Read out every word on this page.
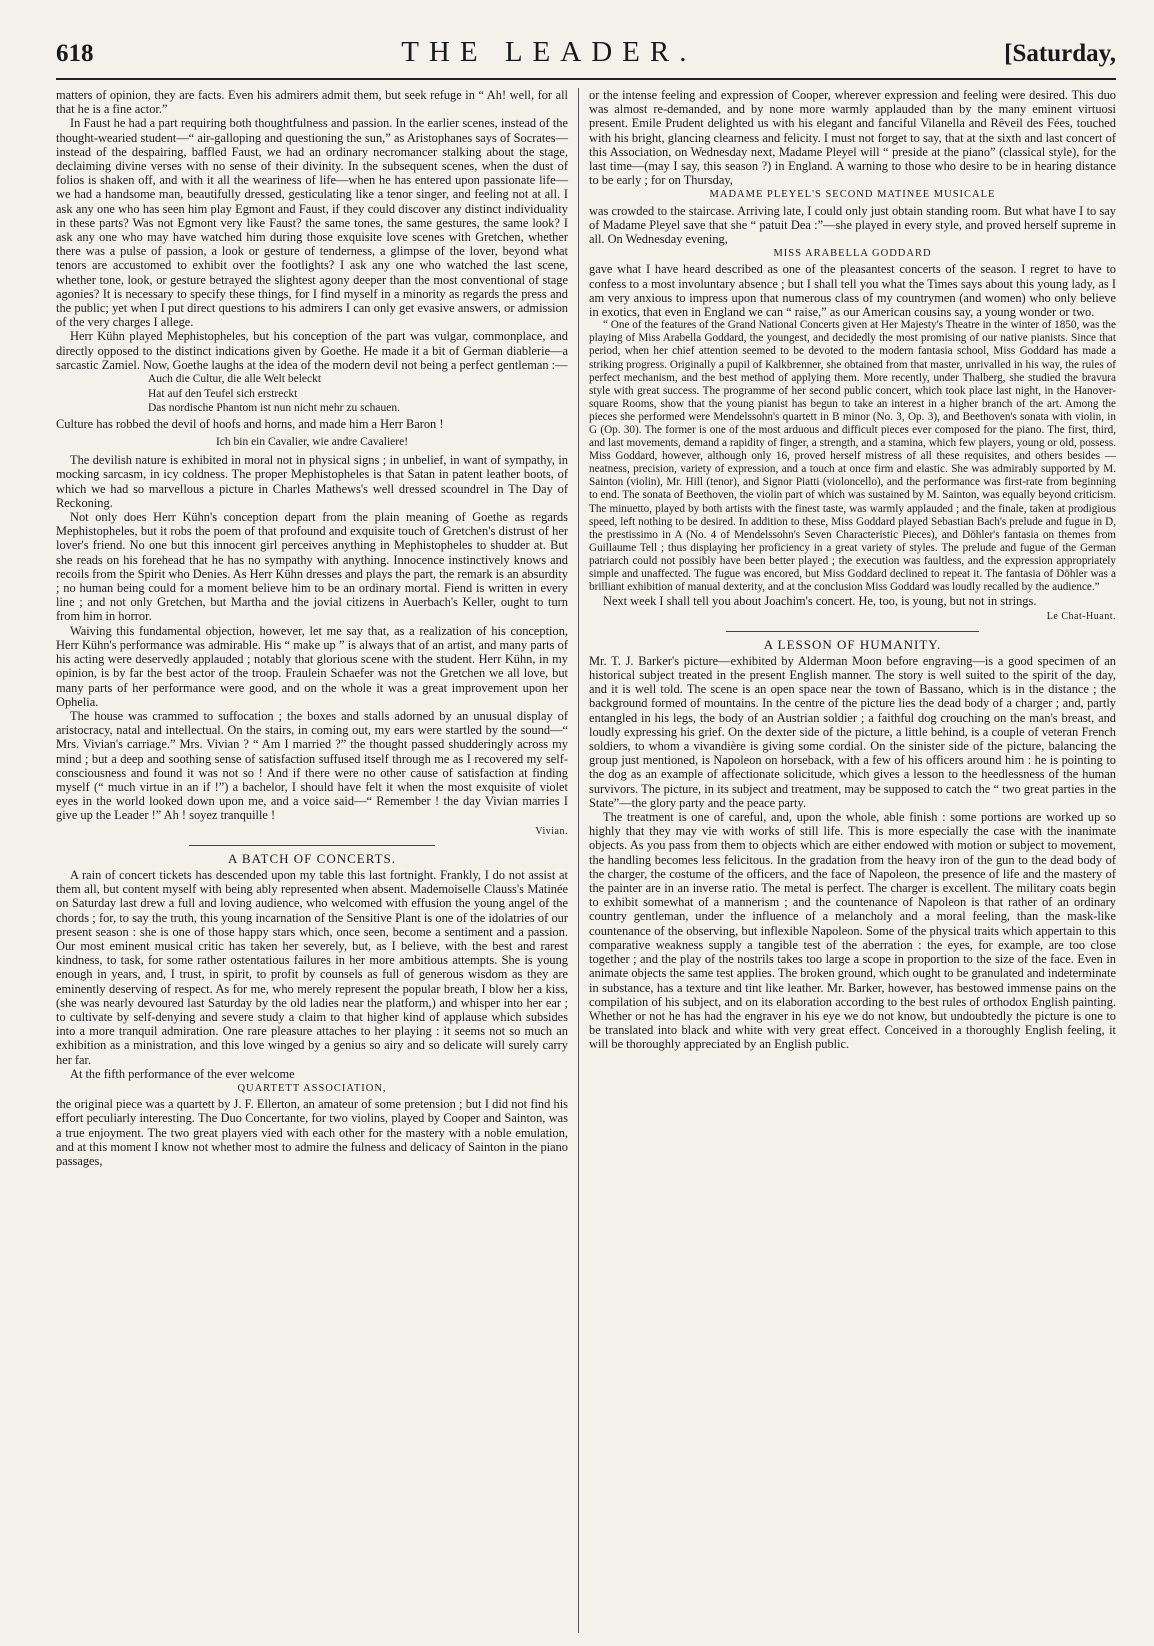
618	THE LEADER.	[Saturday,

matters of opinion, they are facts. Even his admirers admit them, but seek refuge in “ Ah! well, for all that he is a fine actor.”

In Faust he had a part requiring both thoughtfulness and passion. In the earlier scenes, instead of the thought-wearied student—“ air-galloping and questioning the sun,” as Aristophanes says of Socrates—instead of the despairing, baffled Faust, we had an ordinary necromancer stalking about the stage, declaiming divine verses with no sense of their divinity. In the subsequent scenes, when the dust of folios is shaken off, and with it all the weariness of life—when he has entered upon passionate life—we had a handsome man, beautifully dressed, gesticulating like a tenor singer, and feeling not at all. I ask any one who has seen him play Egmont and Faust, if they could discover any distinct individuality in these parts? Was not Egmont very like Faust? the same tones, the same gestures, the same look? I ask any one who may have watched him during those exquisite love scenes with Gretchen, whether there was a pulse of passion, a look or gesture of tenderness, a glimpse of the lover, beyond what tenors are accustomed to exhibit over the footlights? I ask any one who watched the last scene, whether tone, look, or gesture betrayed the slightest agony deeper than the most conventional of stage agonies? It is necessary to specify these things, for I find myself in a minority as regards the press and the public; yet when I put direct questions to his admirers I can only get evasive answers, or admission of the very charges I allege.

Herr Kühn played Mephistopheles, but his conception of the part was vulgar, commonplace, and directly opposed to the distinct indications given by Goethe. He made it a bit of German diablerie—a sarcastic Zamiel. Now, Goethe laughs at the idea of the modern devil not being a perfect gentleman :—

Auch die Cultur, die alle Welt beleckt
Hat auf den Teufel sich erstreckt
Das nordische Phantom ist nun nicht mehr zu schauen.

Culture has robbed the devil of hoofs and horns, and made him a Herr Baron !

Ich bin ein Cavalier, wie andre Cavaliere!

The devilish nature is exhibited in moral not in physical signs ; in unbelief, in want of sympathy, in mocking sarcasm, in icy coldness. The proper Mephistopheles is that Satan in patent leather boots, of which we had so marvellous a picture in Charles Mathews's well dressed scoundrel in The Day of Reckoning.

Not only does Herr Kühn's conception depart from the plain meaning of Goethe as regards Mephistopheles, but it robs the poem of that profound and exquisite touch of Gretchen's distrust of her lover's friend. No one but this innocent girl perceives anything in Mephistopheles to shudder at. But she reads on his forehead that he has no sympathy with anything. Innocence instinctively knows and recoils from the Spirit who Denies. As Herr Kühn dresses and plays the part, the remark is an absurdity ; no human being could for a moment believe him to be an ordinary mortal. Fiend is written in every line ; and not only Gretchen, but Martha and the jovial citizens in Auerbach's Keller, ought to turn from him in horror.

Waiving this fundamental objection, however, let me say that, as a realization of his conception, Herr Kühn's performance was admirable. His “ make up ” is always that of an artist, and many parts of his acting were deservedly applauded ; notably that glorious scene with the student. Herr Kühn, in my opinion, is by far the best actor of the troop. Fraulein Schaefer was not the Gretchen we all love, but many parts of her performance were good, and on the whole it was a great improvement upon her Ophelia.

The house was crammed to suffocation ; the boxes and stalls adorned by an unusual display of aristocracy, natal and intellectual. On the stairs, in coming out, my ears were startled by the sound—“ Mrs. Vivian's carriage.” Mrs. Vivian ? “ Am I married ?” the thought passed shudderingly across my mind ; but a deep and soothing sense of satisfaction suffused itself through me as I recovered my self-consciousness and found it was not so ! And if there were no other cause of satisfaction at finding myself (“ much virtue in an if !”) a bachelor, I should have felt it when the most exquisite of violet eyes in the world looked down upon me, and a voice said—“ Remember ! the day Vivian marries I give up the Leader !” Ah ! soyez tranquille !

Vivian.
A BATCH OF CONCERTS.

A rain of concert tickets has descended upon my table this last fortnight. Frankly, I do not assist at them all, but content myself with being ably represented when absent. Mademoiselle Clauss's Matinée on Saturday last drew a full and loving audience, who welcomed with effusion the young angel of the chords ; for, to say the truth, this young incarnation of the Sensitive Plant is one of the idolatries of our present season : she is one of those happy stars which, once seen, become a sentiment and a passion. Our most eminent musical critic has taken her severely, but, as I believe, with the best and rarest kindness, to task, for some rather ostentatious failures in her more ambitious attempts. She is young enough in years, and, I trust, in spirit, to profit by counsels as full of generous wisdom as they are eminently deserving of respect. As for me, who merely represent the popular breath, I blow her a kiss, (she was nearly devoured last Saturday by the old ladies near the platform,) and whisper into her ear ; to cultivate by self-denying and severe study a claim to that higher kind of applause which subsides into a more tranquil admiration. One rare pleasure attaches to her playing : it seems not so much an exhibition as a ministration, and this love winged by a genius so airy and so delicate will surely carry her far.

At the fifth performance of the ever welcome

QUARTETT ASSOCIATION,

the original piece was a quartett by J. F. Ellerton, an amateur of some pretension ; but I did not find his effort peculiarly interesting. The Duo Concertante, for two violins, played by Cooper and Sainton, was a true enjoyment. The two great players vied with each other for the mastery with a noble emulation, and at this moment I know not whether most to admire the fulness and delicacy of Sainton in the piano passages,

or the intense feeling and expression of Cooper, wherever expression and feeling were desired. This duo was almost re-demanded, and by none more warmly applauded than by the many eminent virtuosi present. Emile Prudent delighted us with his elegant and fanciful Vilanella and Rêveil des Fées, touched with his bright, glancing clearness and felicity. I must not forget to say, that at the sixth and last concert of this Association, on Wednesday next, Madame Pleyel will “ preside at the piano” (classical style), for the last time—(may I say, this season ?) in England. A warning to those who desire to be in hearing distance to be early ; for on Thursday,

MADAME PLEYEL'S SECOND MATINEE MUSICALE

was crowded to the staircase. Arriving late, I could only just obtain standing room. But what have I to say of Madame Pleyel save that she “ patuit Dea :”—she played in every style, and proved herself supreme in all. On Wednesday evening,

MISS ARABELLA GODDARD

gave what I have heard described as one of the pleasantest concerts of the season. I regret to have to confess to a most involuntary absence ; but I shall tell you what the Times says about this young lady, as I am very anxious to impress upon that numerous class of my countrymen (and women) who only believe in exotics, that even in England we can “ raise,” as our American cousins say, a young wonder or two.

“ One of the features of the Grand National Concerts given at Her Majesty's Theatre in the winter of 1850, was the playing of Miss Arabella Goddard, the youngest, and decidedly the most promising of our native pianists. Since that period, when her chief attention seemed to be devoted to the modern fantasia school, Miss Goddard has made a striking progress. Originally a pupil of Kalkbrenner, she obtained from that master, unrivalled in his way, the rules of perfect mechanism, and the best method of applying them. More recently, under Thalberg, she studied the bravura style with great success. The programme of her second public concert, which took place last night, in the Hanover-square Rooms, show that the young pianist has begun to take an interest in a higher branch of the art. Among the pieces she performed were Mendelssohn's quartett in B minor (No. 3, Op. 3), and Beethoven's sonata with violin, in G (Op. 30). The former is one of the most arduous and difficult pieces ever composed for the piano. The first, third, and last movements, demand a rapidity of finger, a strength, and a stamina, which few players, young or old, possess. Miss Goddard, however, although only 16, proved herself mistress of all these requisites, and others besides —neatness, precision, variety of expression, and a touch at once firm and elastic. She was admirably supported by M. Sainton (violin), Mr. Hill (tenor), and Signor Piatti (violoncello), and the performance was first-rate from beginning to end. The sonata of Beethoven, the violin part of which was sustained by M. Sainton, was equally beyond criticism. The minuetto, played by both artists with the finest taste, was warmly applauded ; and the finale, taken at prodigious speed, left nothing to be desired. In addition to these, Miss Goddard played Sebastian Bach's prelude and fugue in D, the prestissimo in A (No. 4 of Mendelssohn's Seven Characteristic Pieces), and Döhler's fantasia on themes from Guillaume Tell ; thus displaying her proficiency in a great variety of styles. The prelude and fugue of the German patriarch could not possibly have been better played ; the execution was faultless, and the expression appropriately simple and unaffected. The fugue was encored, but Miss Goddard declined to repeat it. The fantasia of Döhler was a brilliant exhibition of manual dexterity, and at the conclusion Miss Goddard was loudly recalled by the audience.”

Next week I shall tell you about Joachim's concert. He, too, is young, but not in strings.

Le Chat-Huant.
A LESSON OF HUMANITY.

Mr. T. J. Barker's picture—exhibited by Alderman Moon before engraving—is a good specimen of an historical subject treated in the present English manner. The story is well suited to the spirit of the day, and it is well told. The scene is an open space near the town of Bassano, which is in the distance ; the background formed of mountains. In the centre of the picture lies the dead body of a charger ; and, partly entangled in his legs, the body of an Austrian soldier ; a faithful dog crouching on the man's breast, and loudly expressing his grief. On the dexter side of the picture, a little behind, is a couple of veteran French soldiers, to whom a vivandière is giving some cordial. On the sinister side of the picture, balancing the group just mentioned, is Napoleon on horseback, with a few of his officers around him : he is pointing to the dog as an example of affectionate solicitude, which gives a lesson to the heedlessness of the human survivors. The picture, in its subject and treatment, may be supposed to catch the “ two great parties in the State”—the glory party and the peace party.

The treatment is one of careful, and, upon the whole, able finish : some portions are worked up so highly that they may vie with works of still life. This is more especially the case with the inanimate objects. As you pass from them to objects which are either endowed with motion or subject to movement, the handling becomes less felicitous. In the gradation from the heavy iron of the gun to the dead body of the charger, the costume of the officers, and the face of Napoleon, the presence of life and the mastery of the painter are in an inverse ratio. The metal is perfect. The charger is excellent. The military coats begin to exhibit somewhat of a mannerism ; and the countenance of Napoleon is that rather of an ordinary country gentleman, under the influence of a melancholy and a moral feeling, than the mask-like countenance of the observing, but inflexible Napoleon. Some of the physical traits which appertain to this comparative weakness supply a tangible test of the aberration : the eyes, for example, are too close together ; and the play of the nostrils takes too large a scope in proportion to the size of the face. Even in animate objects the same test applies. The broken ground, which ought to be granulated and indeterminate in substance, has a texture and tint like leather. Mr. Barker, however, has bestowed immense pains on the compilation of his subject, and on its elaboration according to the best rules of orthodox English painting. Whether or not he has had the engraver in his eye we do not know, but undoubtedly the picture is one to be translated into black and white with very great effect. Conceived in a thoroughly English feeling, it will be thoroughly appreciated by an English public.
